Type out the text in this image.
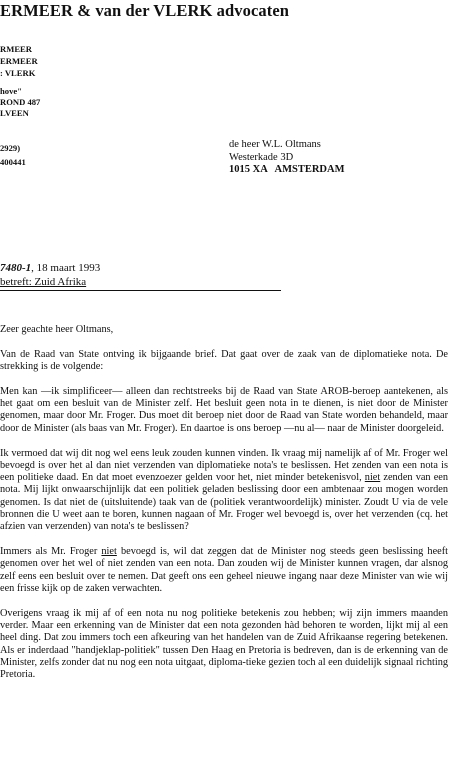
ERMEER & van der VLERK advocaten
RMEER
ERMEER
: VLERK
hove"
ROND 487
LVEEN
2929)
400441
de heer W.L. Oltmans
Westerkade 3D
1015 XA   AMSTERDAM
7480-1, 18 maart 1993
betreft: Zuid Afrika

Zeer geachte heer Oltmans,

Van de Raad van State ontving ik bijgaande brief. Dat gaat over de zaak van de diplomatieke nota. De strekking is de volgende:

Men kan —ik simplificeer— alleen dan rechtstreeks bij de Raad van State AROB-beroep aantekenen, als het gaat om een besluit van de Minister zelf. Het besluit geen nota in te dienen, is niet door de Minister genomen, maar door Mr. Froger. Dus moet dit beroep niet door de Raad van State worden behandeld, maar door de Minister (als baas van Mr. Froger). En daartoe is ons beroep —nu al— naar de Minister doorgeleid.

Ik vermoed dat wij dit nog wel eens leuk zouden kunnen vinden. Ik vraag mij namelijk af of Mr. Froger wel bevoegd is over het al dan niet verzenden van diplomatieke nota's te beslissen. Het zenden van een nota is een politieke daad. En dat moet evenzoezer gelden voor het, niet minder betekenisvol, niet zenden van een nota. Mij lijkt onwaarschijnlijk dat een politiek geladen beslissing door een ambtenaar zou mogen worden genomen. Is dat niet de (uitsluitende) taak van de (politiek verantwoordelijk) minister. Zoudt U via de vele bronnen die U weet aan te boren, kunnen nagaan of Mr. Froger wel bevoegd is, over het verzenden (cq. het afzien van verzenden) van nota's te beslissen?

Immers als Mr. Froger niet bevoegd is, wil dat zeggen dat de Minister nog steeds geen beslissing heeft genomen over het wel of niet zenden van een nota. Dan zouden wij de Minister kunnen vragen, dar alsnog zelf eens een besluit over te nemen. Dat geeft ons een geheel nieuwe ingang naar deze Minister van wie wij een frisse kijk op de zaken verwachten.

Overigens vraag ik mij af of een nota nu nog politieke betekenis zou hebben; wij zijn immers maanden verder. Maar een erkenning van de Minister dat een nota gezonden hàd behoren te worden, lijkt mij al een heel ding. Dat zou immers toch een afkeuring van het handelen van de Zuid Afrikaanse regering betekenen. Als er inderdaad "handjeklap-politiek" tussen Den Haag en Pretoria is bedreven, dan is de erkenning van de Minister, zelfs zonder dat nu nog een nota uitgaat, diploma-tieke gezien toch al een duidelijk signaal richting Pretoria.
